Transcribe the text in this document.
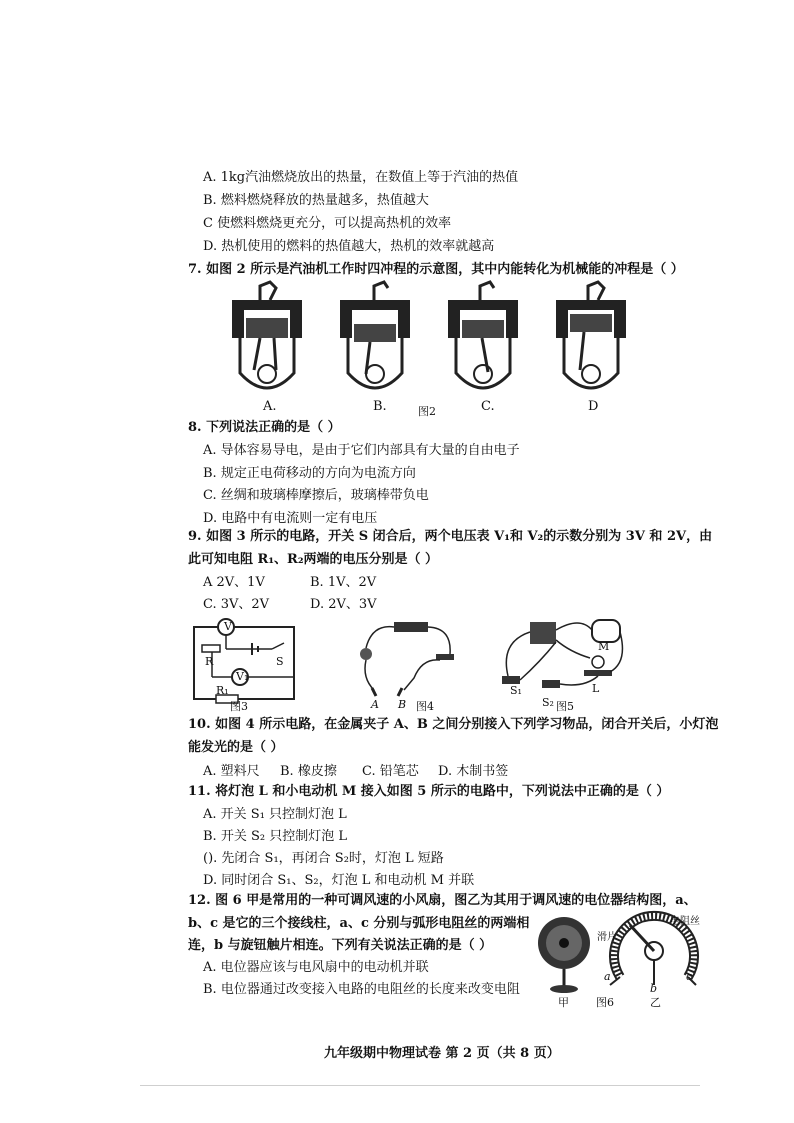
A. 1kg汽油燃烧放出的热量，在数值上等于汽油的热值
B. 燃料燃烧释放的热量越多，热值越大
C 使燃料燃烧更充分，可以提高热机的效率
D. 热机使用的燃料的热值越大，热机的效率就越高
7. 如图 2 所示是汽油机工作时四冲程的示意图，其中内能转化为机械能的冲程是（ ）
A.	B.	图2	C.	D
8. 下列说法正确的是（ ）
A. 导体容易导电，是由于它们内部具有大量的自由电子
B. 规定正电荷移动的方向为电流方向
C. 丝绸和玻璃棒摩擦后，玻璃棒带负电
D. 电路中有电流则一定有电压
9. 如图 3 所示的电路，开关 S 闭合后，两个电压表 V₁和 V₂的示数分别为 3V 和 2V，由
此可知电阻 R₁、R₂两端的电压分别是（ ）
A 2V、1V	B. 1V、2V
C. 3V、2V	D. 2V、3V
V
R
V₁
S
R₁
图3	A B 图4
M
L
S₁
S₂ 图5
10. 如图 4 所示电路，在金属夹子 A、B 之间分别接入下列学习物品，闭合开关后，小灯泡
能发光的是（ ）
A. 塑料尺 B. 橡皮擦 C. 铅笔芯 D. 木制书签
11. 将灯泡 L 和小电动机 M 接入如图 5 所示的电路中，下列说法中正确的是（ ）
A. 开关 S₁ 只控制灯泡 L
B. 开关 S₂ 只控制灯泡 L
(). 先闭合 S₁，再闭合 S₂时，灯泡 L 短路
D. 同时闭合 S₁、S₂，灯泡 L 和电动机 M 并联
12. 图 6 甲是常用的一种可调风速的小风扇，图乙为其用于调风速的电位器结构图，a、
b、c 是它的三个接线柱，a、c 分别与弧形电阻丝的两端相
连，b 与旋钮触片相连。下列有关说法正确的是（ ）
A. 电位器应该与电风扇中的电动机并联
B. 电位器通过改变接入电路的电阻丝的长度来改变电阻
滑片
电阻丝
a
b
c
甲 图6	乙
九年级期中物理试卷 第 2 页（共 8 页）
